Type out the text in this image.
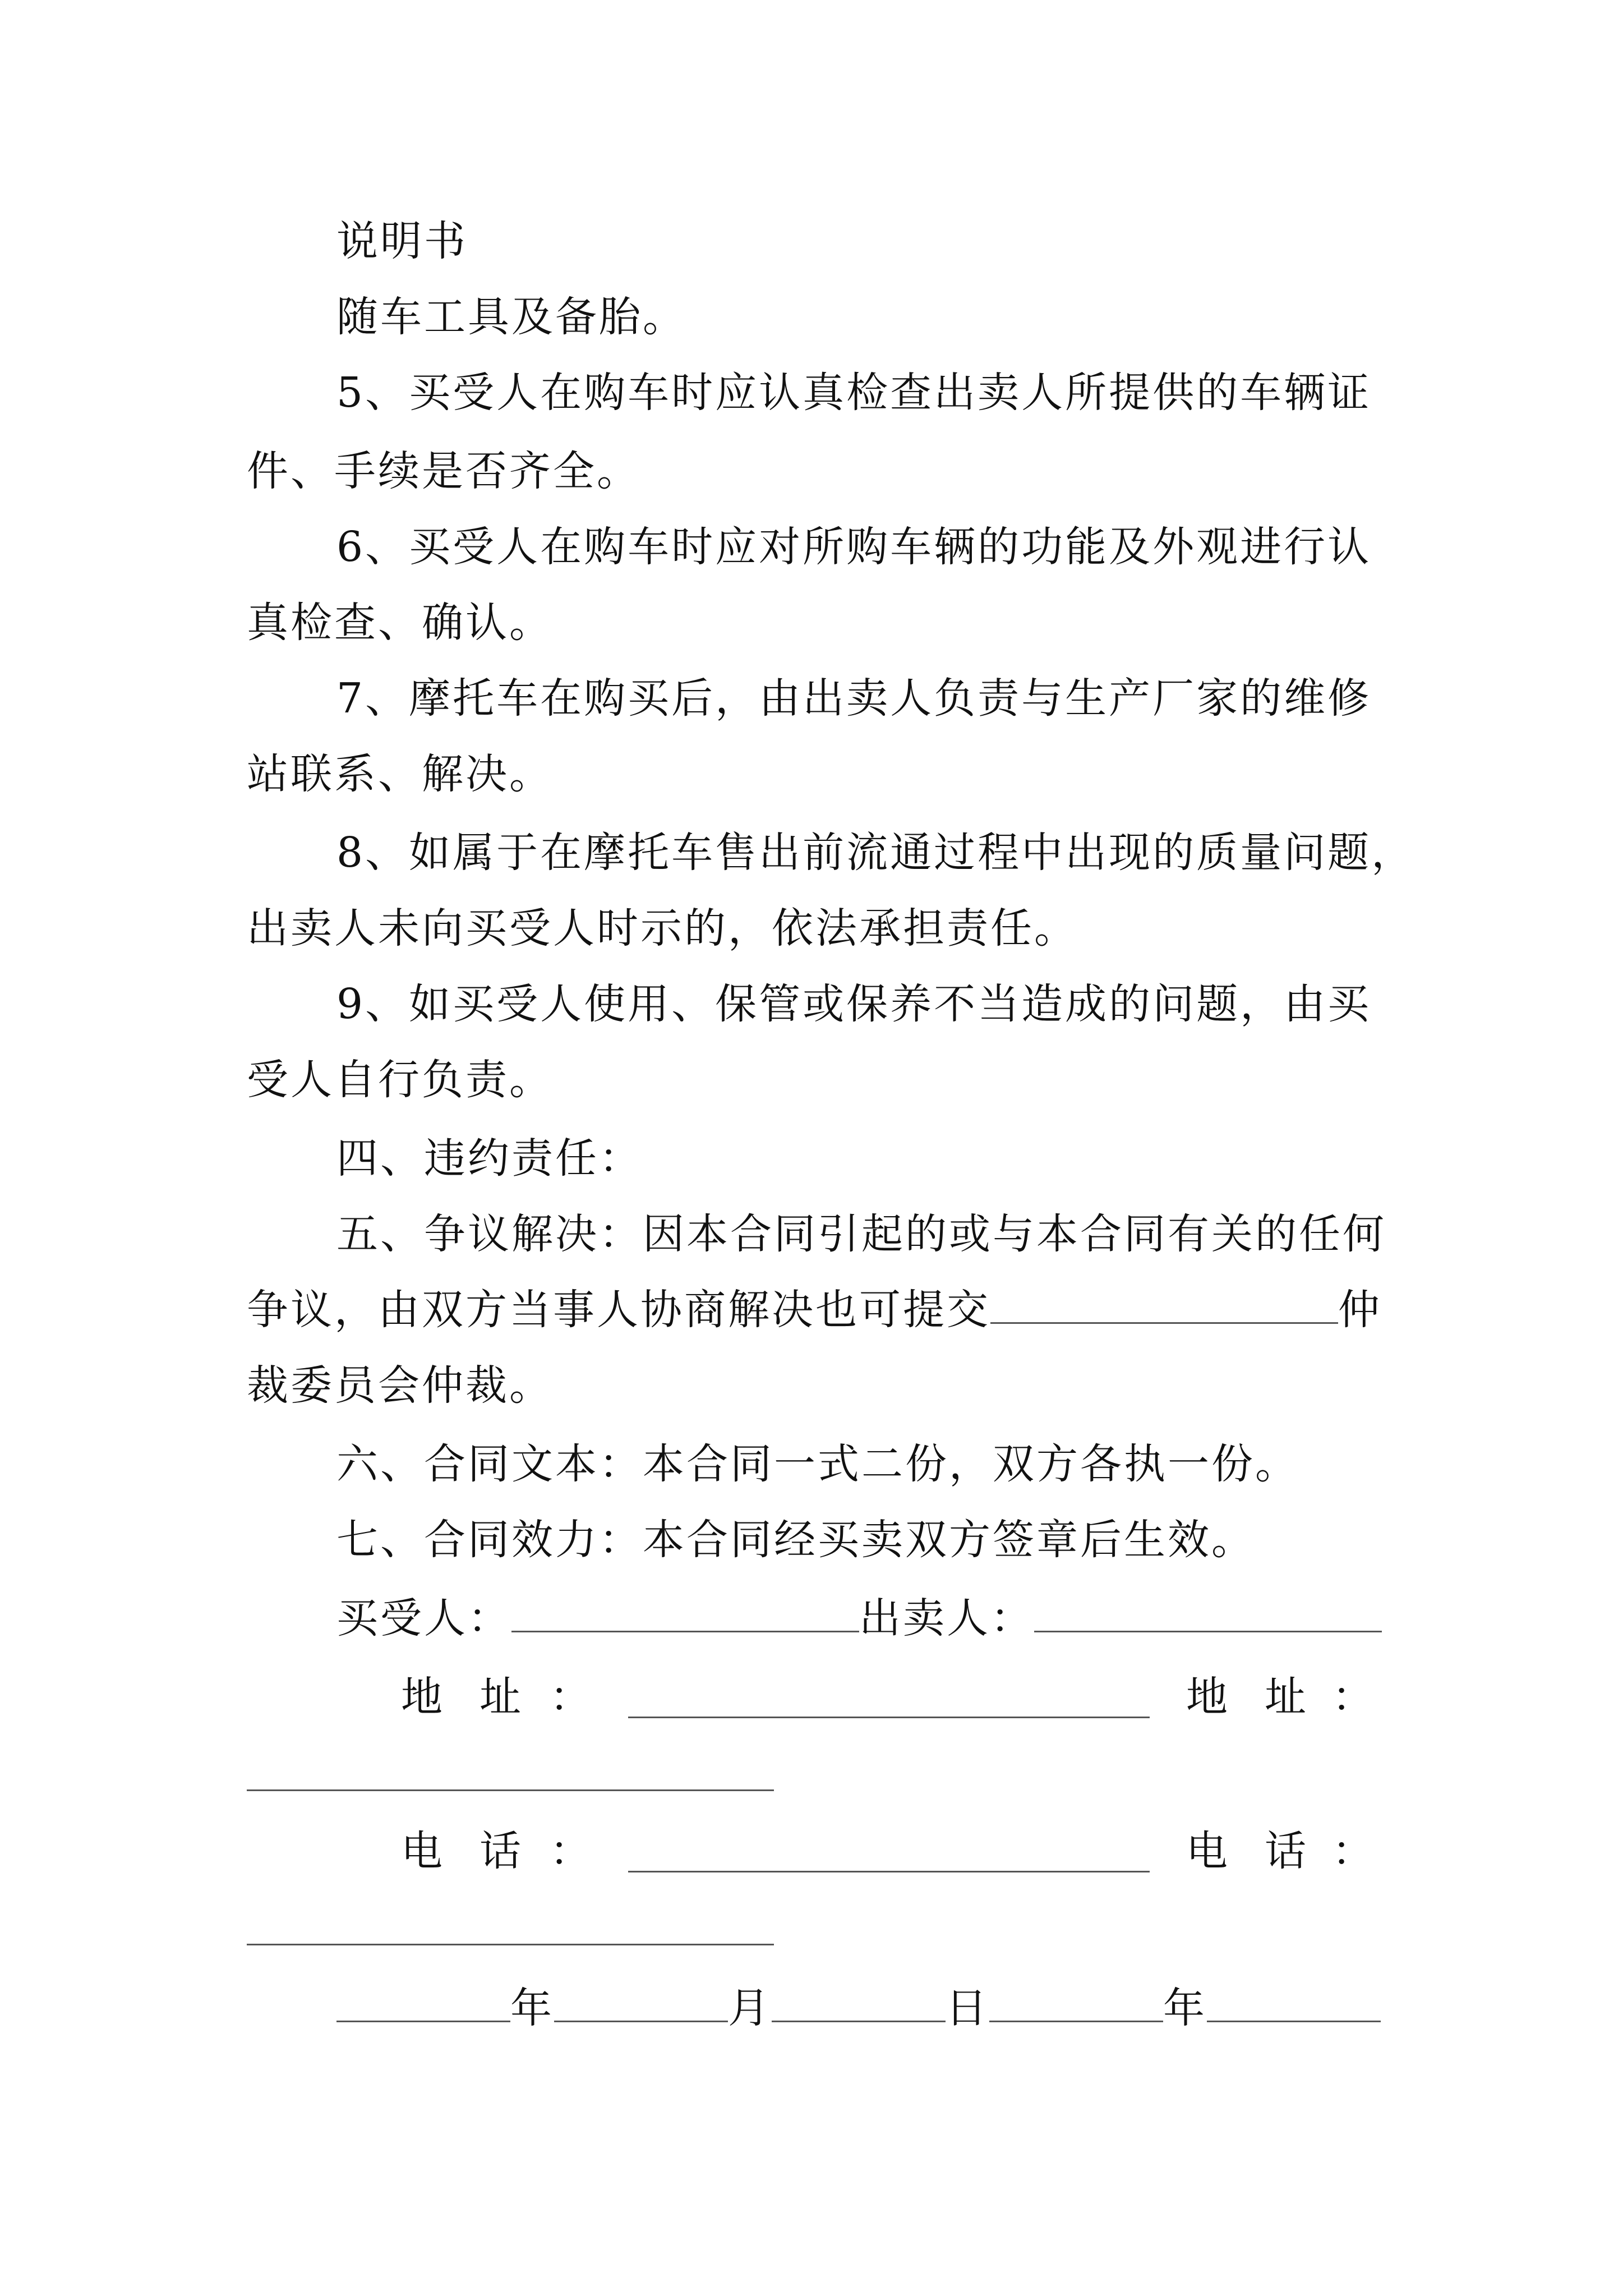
说明书
随车工具及备胎。
5、买受人在购车时应认真检查出卖人所提供的车辆证
件、手续是否齐全。
6、买受人在购车时应对所购车辆的功能及外观进行认
真检查、确认。
7、摩托车在购买后，由出卖人负责与生产厂家的维修
站联系、解决。
8、如属于在摩托车售出前流通过程中出现的质量问题，
出卖人未向买受人时示的，依法承担责任。
9、如买受人使用、保管或保养不当造成的问题，由买
受人自行负责。
四、违约责任：
五、争议解决：因本合同引起的或与本合同有关的任何
争议，由双方当事人协商解决也可提交	仲
裁委员会仲裁。
六、合同文本：本合同一式二份，双方各执一份。
七、合同效力：本合同经买卖双方签章后生效。
买受人：	出卖人：
地 址 ：	地 址 ：
电 话 ：	电 话 ：
年	月	日	年
